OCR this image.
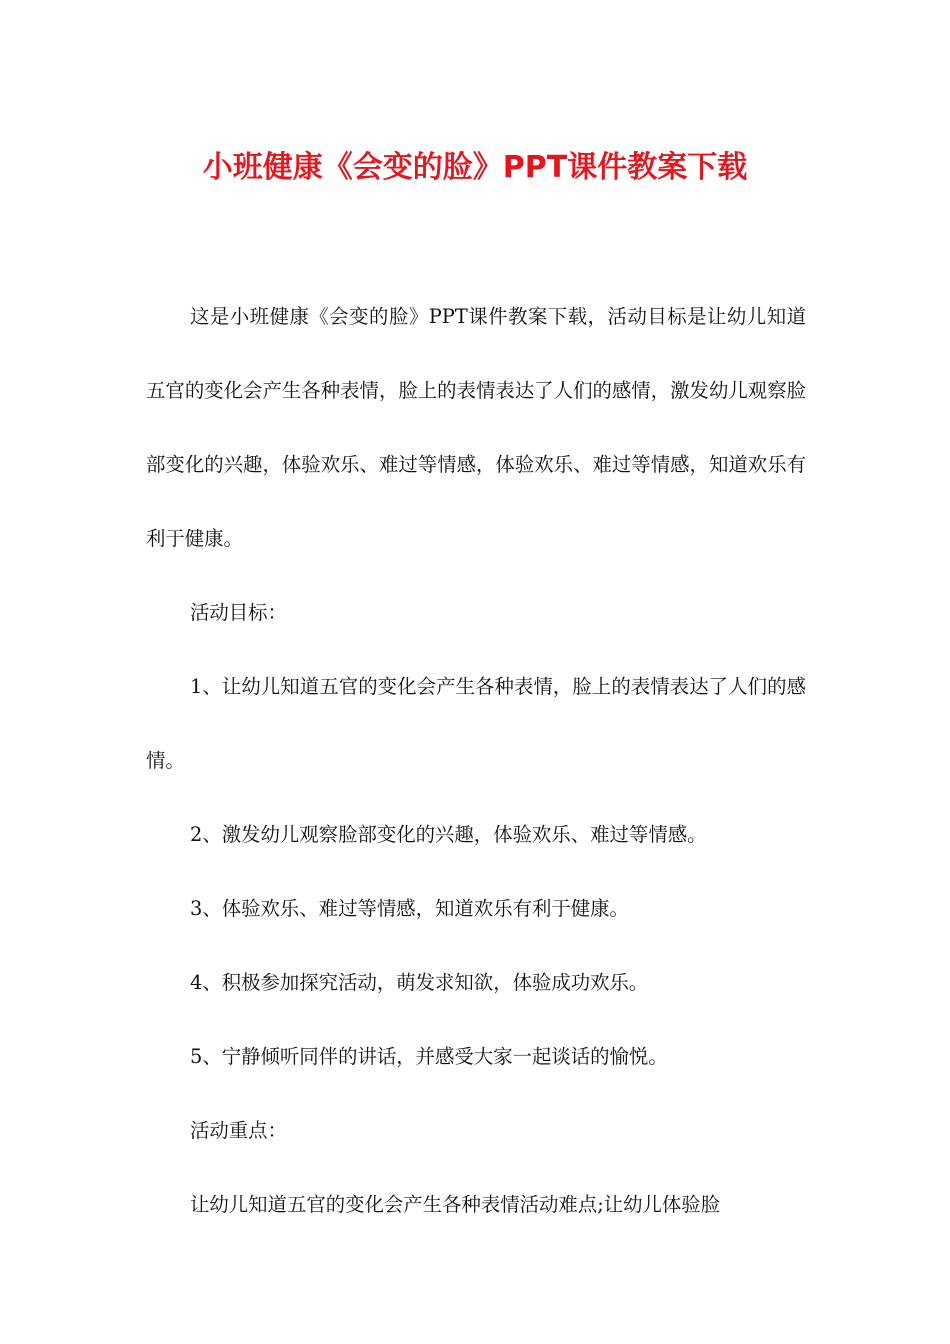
小班健康《会变的脸》PPT课件教案下载

这是小班健康《会变的脸》PPT课件教案下载，活动目标是让幼儿知道五官的变化会产生各种表情，脸上的表情表达了人们的感情，激发幼儿观察脸部变化的兴趣，体验欢乐、难过等情感，体验欢乐、难过等情感，知道欢乐有利于健康。

活动目标：

1、让幼儿知道五官的变化会产生各种表情，脸上的表情表达了人们的感情。

2、激发幼儿观察脸部变化的兴趣，体验欢乐、难过等情感。

3、体验欢乐、难过等情感，知道欢乐有利于健康。

4、积极参加探究活动，萌发求知欲，体验成功欢乐。

5、宁静倾听同伴的讲话，并感受大家一起谈话的愉悦。

活动重点：

让幼儿知道五官的变化会产生各种表情活动难点;让幼儿体验脸
